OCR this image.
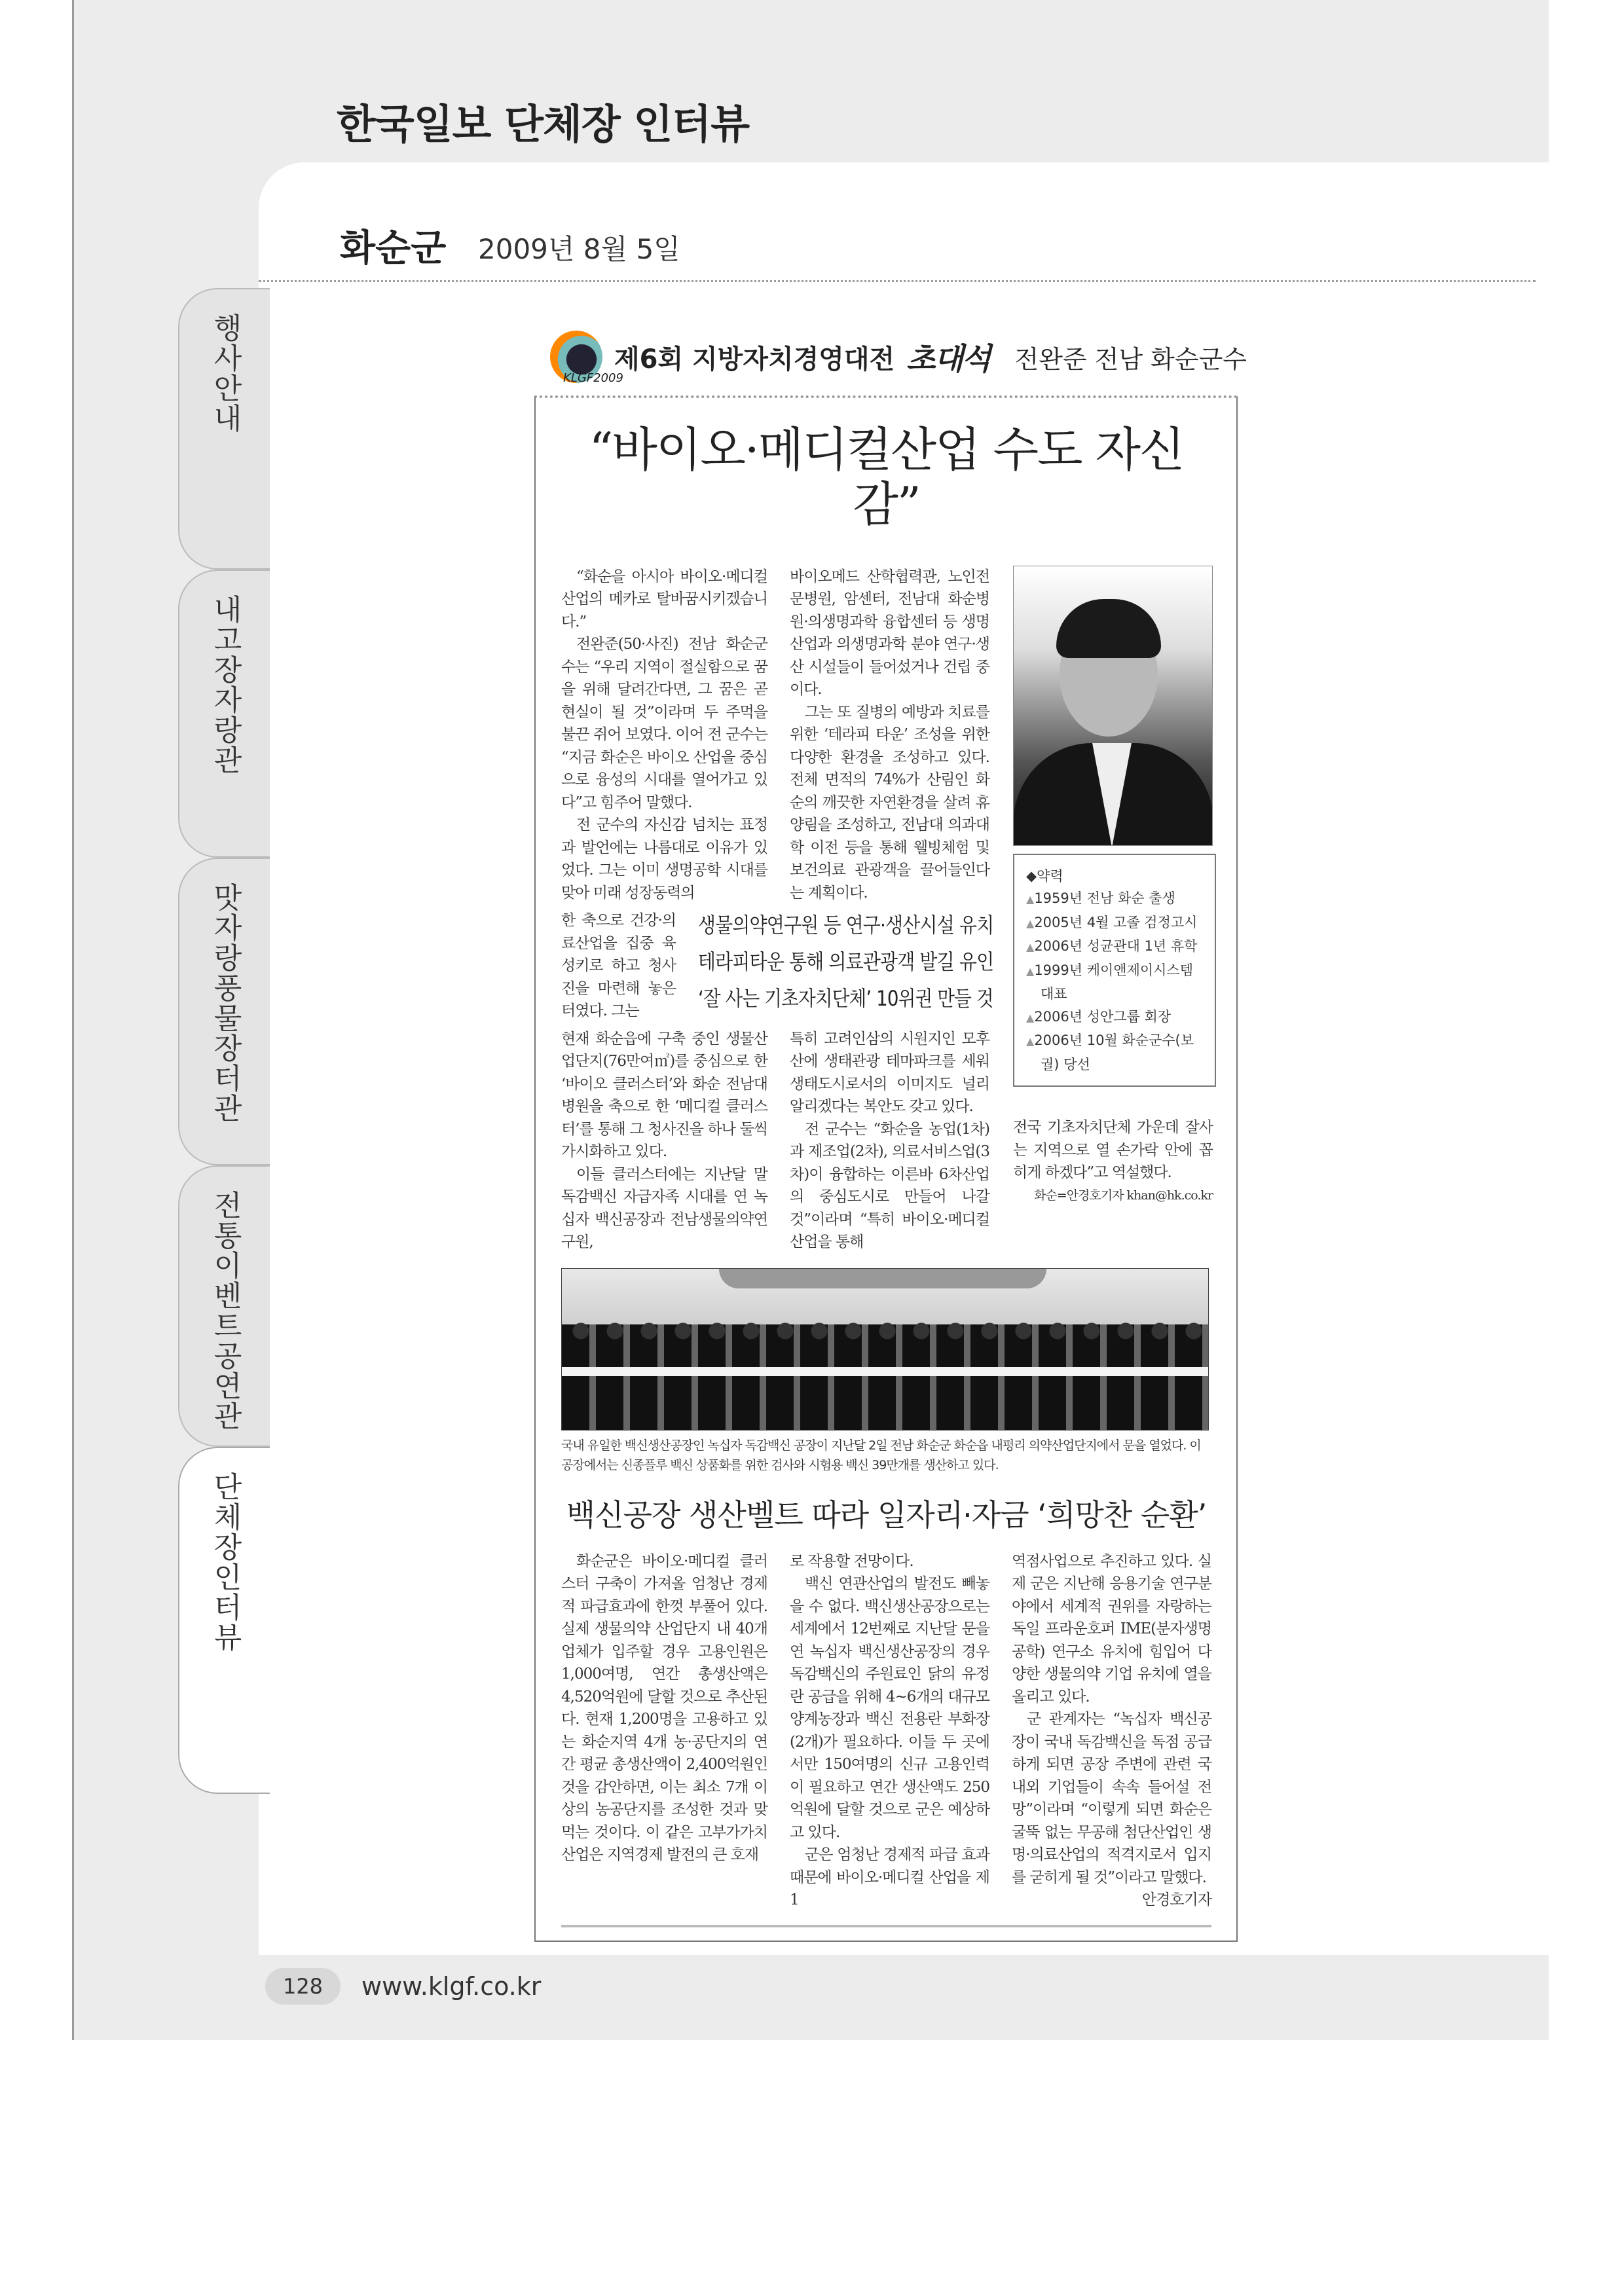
한국일보 단체장 인터뷰
화순군 2009년 8월 5일
행사안내
내고장자랑관
맛자랑풍물장터관
전통이벤트공연관
단체장인터뷰
KLGF2009
제6회 지방자치경영대전 초대석 전완준 전남 화순군수
“바이오·메디컬산업 수도 자신감”

“화순을 아시아 바이오·메디컬 산업의 메카로 탈바꿈시키겠습니다.”

전완준(50·사진) 전남 화순군수는 “우리 지역이 절실함으로 꿈을 위해 달려간다면, 그 꿈은 곧 현실이 될 것”이라며 두 주먹을 불끈 쥐어 보였다. 이어 전 군수는 “지금 화순은 바이오 산업을 중심으로 융성의 시대를 열어가고 있다”고 힘주어 말했다.

전 군수의 자신감 넘치는 표정과 발언에는 나름대로 이유가 있었다. 그는 이미 생명공학 시대를 맞아 미래 성장동력의

바이오메드 산학협력관, 노인전문병원, 암센터, 전남대 화순병원·의생명과학 융합센터 등 생명산업과 의생명과학 분야 연구·생산 시설들이 들어섰거나 건립 중이다.

그는 또 질병의 예방과 치료를 위한 ‘테라피 타운’ 조성을 위한 다양한 환경을 조성하고 있다. 전체 면적의 74%가 산림인 화순의 깨끗한 자연환경을 살려 휴양림을 조성하고, 전남대 의과대학 이전 등을 통해 웰빙체험 및 보건의료 관광객을 끌어들인다는 계획이다.

한 축으로 건강·의료산업을 집중 육성키로 하고 청사진을 마련해 놓은 터였다. 그는

생물의약연구원 등 연구·생산시설 유치
테라피타운 통해 의료관광객 발길 유인
‘잘 사는 기초자치단체’ 10위권 만들 것

현재 화순읍에 구축 중인 생물산업단지(76만여㎡)를 중심으로 한 ‘바이오 클러스터’와 화순 전남대병원을 축으로 한 ‘메디컬 클러스터’를 통해 그 청사진을 하나 둘씩 가시화하고 있다.

이들 클러스터에는 지난달 말 독감백신 자급자족 시대를 연 녹십자 백신공장과 전남생물의약연구원,

특히 고려인삼의 시원지인 모후산에 생태관광 테마파크를 세워 생태도시로서의 이미지도 널리 알리겠다는 복안도 갖고 있다.

전 군수는 “화순을 농업(1차)과 제조업(2차), 의료서비스업(3차)이 융합하는 이른바 6차산업의 중심도시로 만들어 나갈 것”이라며 “특히 바이오·메디컬 산업을 통해

◆약력
▲1959년 전남 화순 출생
▲2005년 4월 고졸 검정고시
▲2006년 성균관대 1년 휴학
▲1999년 케이앤제이시스템 대표
▲2006년 성안그룹 회장
▲2006년 10월 화순군수(보궐) 당선

전국 기초자치단체 가운데 잘사는 지역으로 열 손가락 안에 꼽히게 하겠다”고 역설했다.

화순=안경호기자 khan@hk.co.kr

국내 유일한 백신생산공장인 녹십자 독감백신 공장이 지난달 2일 전남 화순군 화순읍 내평리 의약산업단지에서 문을 열었다. 이 공장에서는 신종플루 백신 상품화를 위한 검사와 시험용 백신 39만개를 생산하고 있다.
백신공장 생산벨트 따라 일자리·자금 ‘희망찬 순환’

화순군은 바이오·메디컬 클러스터 구축이 가져올 엄청난 경제적 파급효과에 한껏 부풀어 있다. 실제 생물의약 산업단지 내 40개 업체가 입주할 경우 고용인원은 1,000여명, 연간 총생산액은 4,520억원에 달할 것으로 추산된다. 현재 1,200명을 고용하고 있는 화순지역 4개 농·공단지의 연간 평균 총생산액이 2,400억원인 것을 감안하면, 이는 최소 7개 이상의 농공단지를 조성한 것과 맞먹는 것이다. 이 같은 고부가가치 산업은 지역경제 발전의 큰 호재

로 작용할 전망이다.

백신 연관산업의 발전도 빼놓을 수 없다. 백신생산공장으로는 세계에서 12번째로 지난달 문을 연 녹십자 백신생산공장의 경우 독감백신의 주원료인 닭의 유정란 공급을 위해 4~6개의 대규모 양계농장과 백신 전용란 부화장(2개)가 필요하다. 이들 두 곳에서만 150여명의 신규 고용인력이 필요하고 연간 생산액도 250억원에 달할 것으로 군은 예상하고 있다.

군은 엄청난 경제적 파급 효과 때문에 바이오·메디컬 산업을 제1

역점사업으로 추진하고 있다. 실제 군은 지난해 응용기술 연구분야에서 세계적 권위를 자랑하는 독일 프라운호퍼 IME(분자생명공학) 연구소 유치에 힘입어 다양한 생물의약 기업 유치에 열을 올리고 있다.

군 관계자는 “녹십자 백신공장이 국내 독감백신을 독점 공급하게 되면 공장 주변에 관련 국내외 기업들이 속속 들어설 전망”이라며 “이렇게 되면 화순은 굴뚝 없는 무공해 첨단산업인 생명·의료산업의 적격지로서 입지를 굳히게 될 것”이라고 말했다.

안경호기자

128	www.klgf.co.kr
